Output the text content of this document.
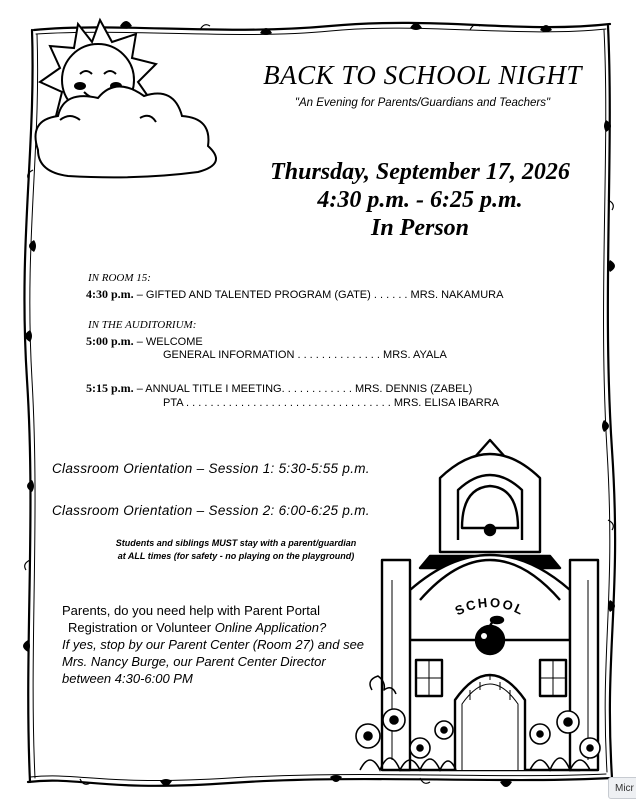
BACK TO SCHOOL NIGHT
"An Evening for Parents/Guardians and Teachers"
Thursday, September 17, 2026
4:30 p.m. - 6:25 p.m.
In Person
IN ROOM 15:
4:30 p.m. – GIFTED AND TALENTED PROGRAM (GATE) . . . . . . MRS. NAKAMURA
IN THE AUDITORIUM:
5:00 p.m. – WELCOME
GENERAL INFORMATION . . . . . . . . . . . . . . MRS. AYALA
5:15 p.m. – ANNUAL TITLE I MEETING. . . . . . . . . . . . MRS. DENNIS (ZABEL)
PTA . . . . . . . . . . . . . . . . . . . . . . . . . . . . . . . . . . MRS. ELISA IBARRA
Classroom Orientation – Session 1: 5:30-5:55 p.m.
Classroom Orientation – Session 2: 6:00-6:25 p.m.
Students and siblings MUST stay with a parent/guardian
at ALL times (for safety - no playing on the playground)
Parents, do you need help with Parent Portal
Registration or Volunteer Online Application?
If yes, stop by our Parent Center (Room 27) and see
Mrs. Nancy Burge, our Parent Center Director
between 4:30-6:00 PM
SCHOOL
Micr
